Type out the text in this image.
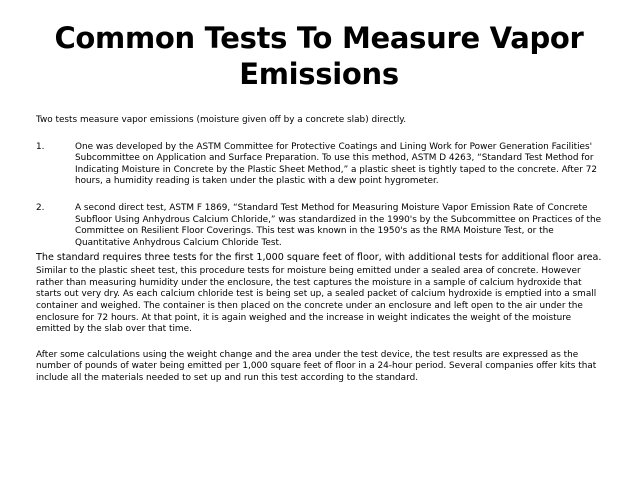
Common Tests To Measure Vapor Emissions

Two tests measure vapor emissions (moisture given off by a concrete slab) directly.

1.	One was developed by the ASTM Committee for Protective Coatings and Lining Work for Power Generation Facilities' Subcommittee on Application and Surface Preparation. To use this method, ASTM D 4263, “Standard Test Method for Indicating Moisture in Concrete by the Plastic Sheet Method,” a plastic sheet is tightly taped to the concrete. After 72 hours, a humidity reading is taken under the plastic with a dew point hygrometer.

2.	A second direct test, ASTM F 1869, “Standard Test Method for Measuring Moisture Vapor Emission Rate of Concrete Subfloor Using Anhydrous Calcium Chloride,” was standardized in the 1990's by the Subcommittee on Practices of the Committee on Resilient Floor Coverings. This test was known in the 1950's as the RMA Moisture Test, or the Quantitative Anhydrous Calcium Chloride Test.

The standard requires three tests for the first 1,000 square feet of floor, with additional tests for additional floor area.

Similar to the plastic sheet test, this procedure tests for moisture being emitted under a sealed area of concrete. However rather than measuring humidity under the enclosure, the test captures the moisture in a sample of calcium hydroxide that starts out very dry. As each calcium chloride test is being set up, a sealed packet of calcium hydroxide is emptied into a small container and weighed. The container is then placed on the concrete under an enclosure and left open to the air under the enclosure for 72 hours. At that point, it is again weighed and the increase in weight indicates the weight of the moisture emitted by the slab over that time.

After some calculations using the weight change and the area under the test device, the test results are expressed as the number of pounds of water being emitted per 1,000 square feet of floor in a 24-hour period. Several companies offer kits that include all the materials needed to set up and run this test according to the standard.
